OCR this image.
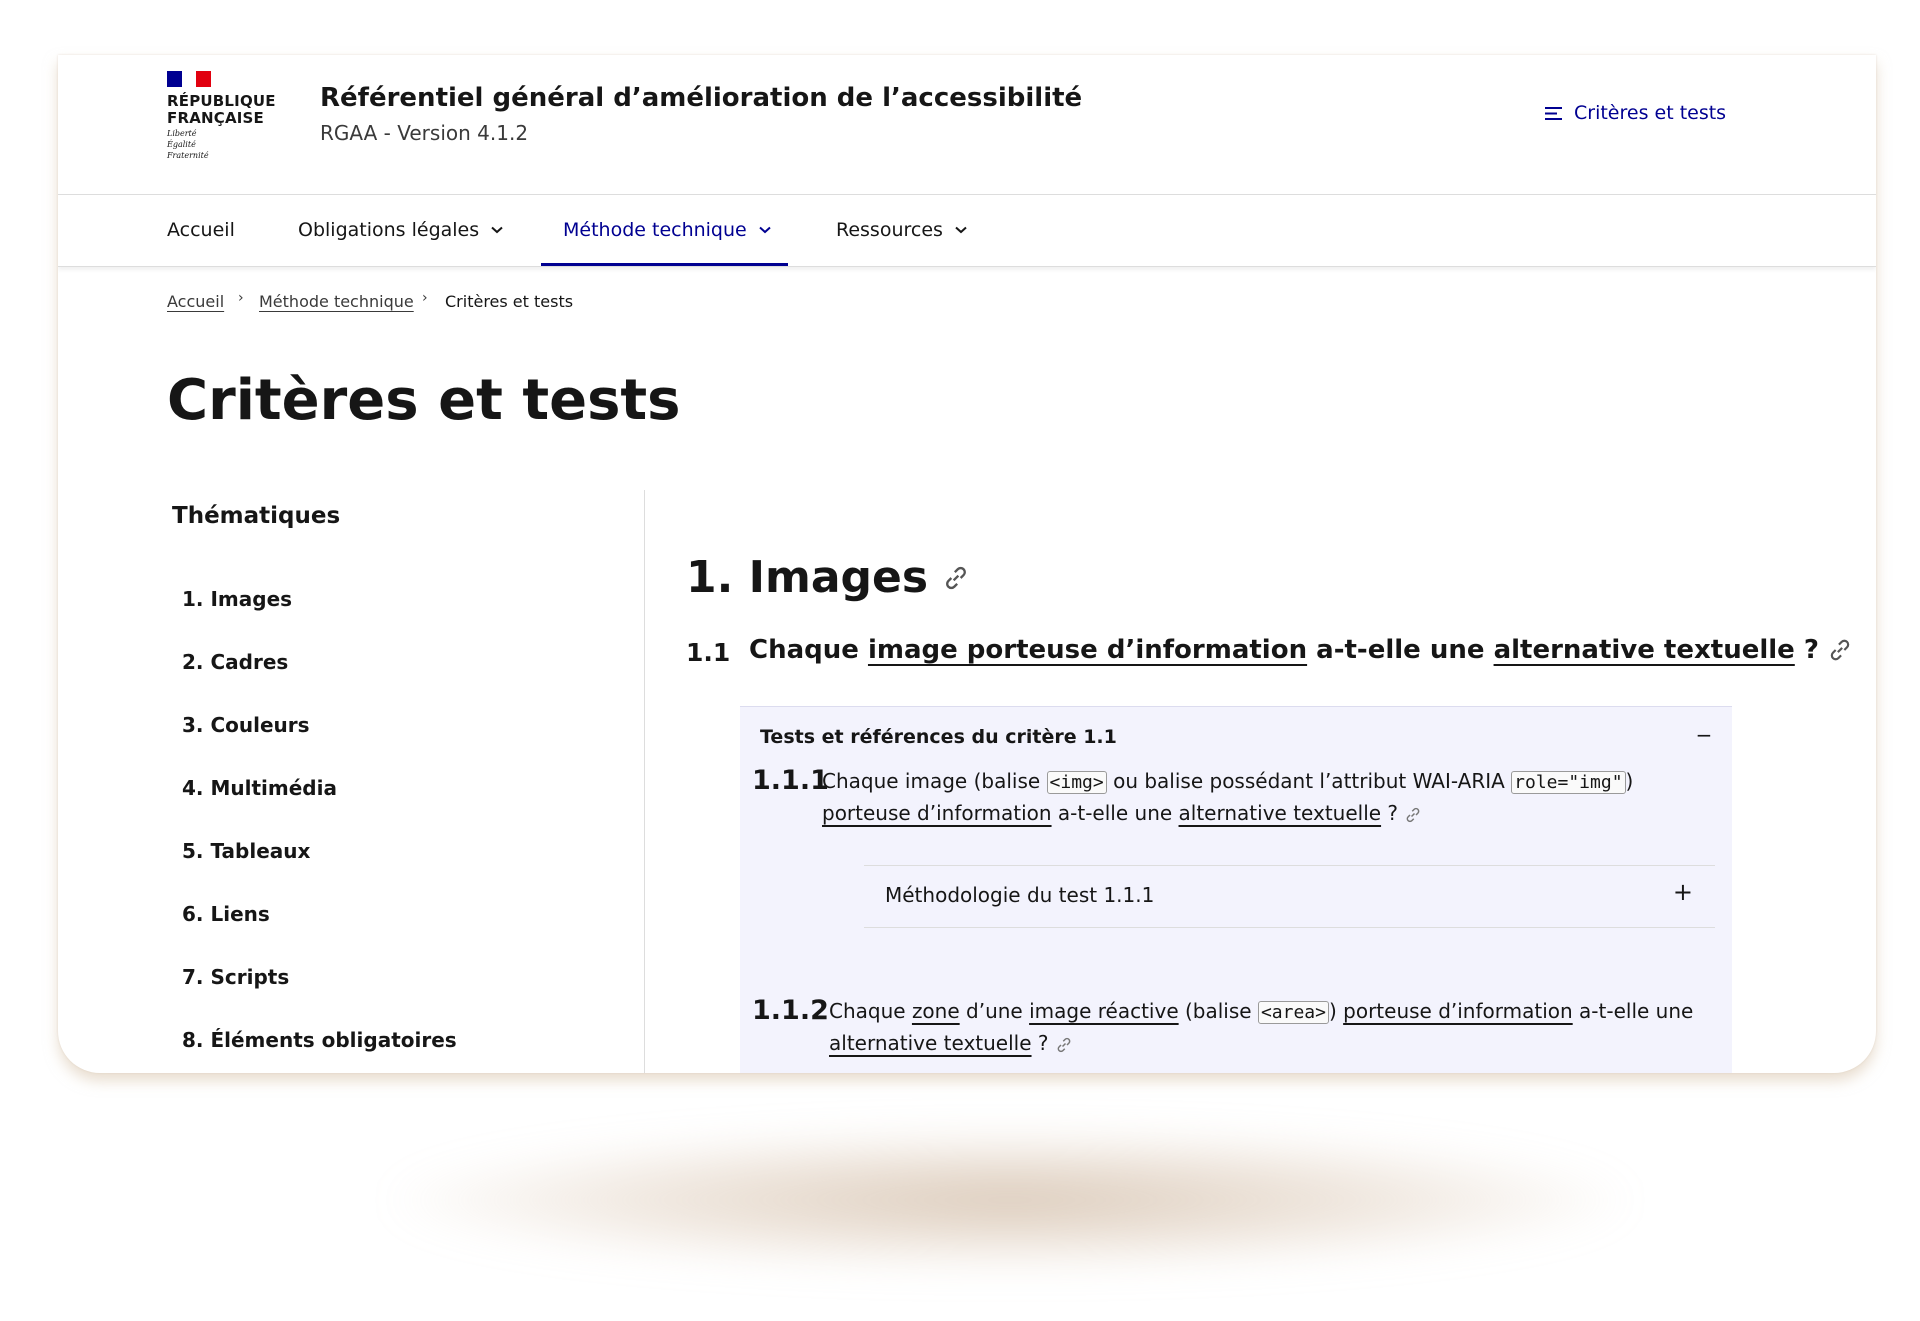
RÉPUBLIQUE
FRANÇAISE
Liberté
Égalité
Fraternité
Référentiel général d’amélioration de l’accessibilité
RGAA - Version 4.1.2
Critères et tests
Accueil	Obligations légales	Méthode technique	Ressources
Accueil › Méthode technique › Critères et tests
Critères et tests
Thématiques
1. Images
2. Cadres
3. Couleurs
4. Multimédia
5. Tableaux
6. Liens
7. Scripts
8. Éléments obligatoires
1. Images
1.1 Chaque image porteuse d’information a-t-elle une alternative textuelle ?
Tests et références du critère 1.1	−
1.1.1
Chaque image (balise <img> ou balise possédant l’attribut WAI-ARIA role="img" )
porteuse d’information a-t-elle une alternative textuelle ?
Méthodologie du test 1.1.1	+
1.1.2 Chaque zone d’une image réactive (balise <area> ) porteuse d’information a-t-elle une
alternative textuelle ?
